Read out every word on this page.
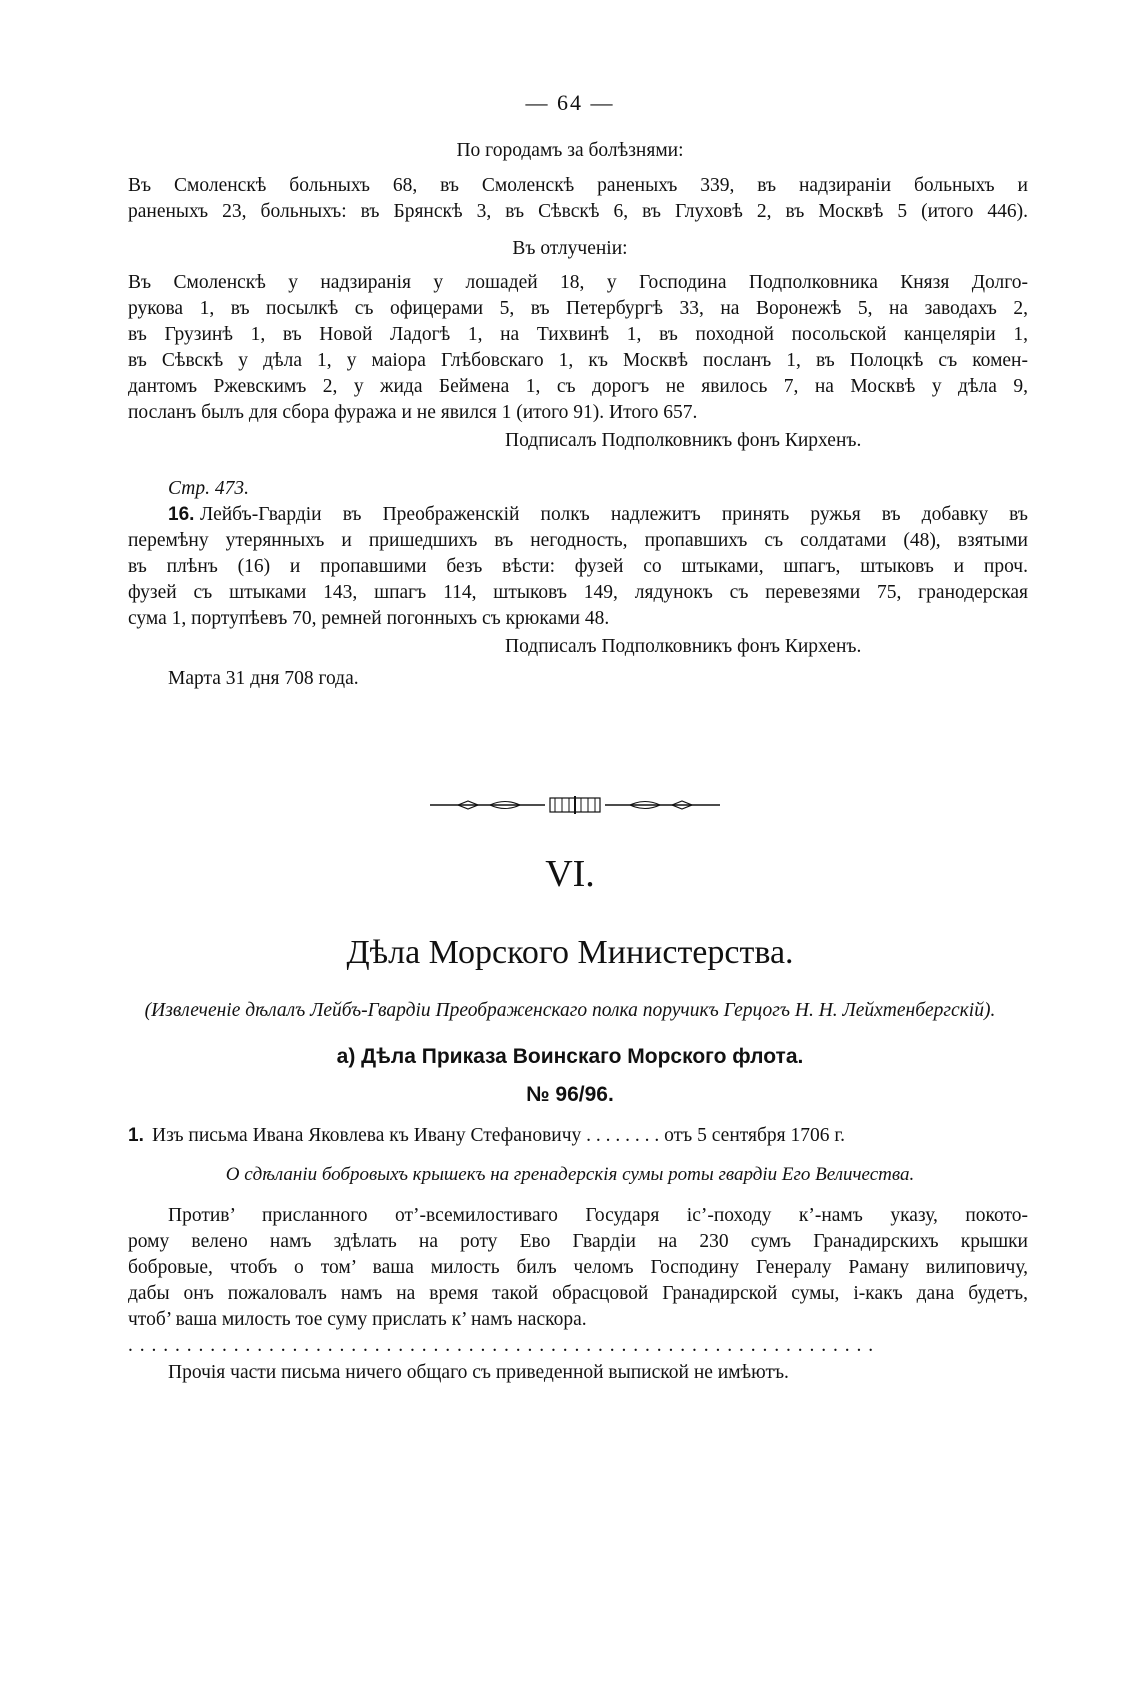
— 64 —
По городамъ за болѣзнями:
Въ Смоленскѣ больныхъ 68, въ Смоленскѣ раненыхъ 339, въ надзираніи больныхъ и
раненыхъ 23, больныхъ: въ Брянскѣ 3, въ Сѣвскѣ 6, въ Глуховѣ 2, въ Москвѣ 5 (итого 446).
Въ отлученіи:
Въ Смоленскѣ у надзиранія у лошадей 18, у Господина Подполковника Князя Долго-
рукова 1, въ посылкѣ съ офицерами 5, въ Петербургѣ 33, на Воронежѣ 5, на заводахъ 2,
въ Грузинѣ 1, въ Новой Ладогѣ 1, на Тихвинѣ 1, въ походной посольской канцеляріи 1,
въ Сѣвскѣ у дѣла 1, у маіора Глѣбовскаго 1, къ Москвѣ посланъ 1, въ Полоцкѣ съ комен-
дантомъ Ржевскимъ 2, у жида Беймена 1, съ дорогъ не явилось 7, на Москвѣ у дѣла 9,
посланъ былъ для сбора фуража и не явился 1 (итого 91). Итого 657.
Подписалъ Подполковникъ фонъ Кирхенъ.
Стр. 473.
16. Лейбъ-Гвардіи въ Преображенскій полкъ надлежитъ принять ружья въ добавку въ
перемѣну утерянныхъ и пришедшихъ въ негодность, пропавшихъ съ солдатами (48), взятыми
въ плѣнъ (16) и пропавшими безъ вѣсти: фузей со штыками, шпагъ, штыковъ и проч.
фузей съ штыками 143, шпагъ 114, штыковъ 149, лядунокъ съ перевезями 75, гранодерская
сума 1, портупѣевъ 70, ремней погонныхъ съ крюками 48.
Подписалъ Подполковникъ фонъ Кирхенъ.
Марта 31 дня 708 года.
VI.
Дѣла Морского Министерства.
(Извлеченіе дѣлалъ Лейбъ-Гвардіи Преображенскаго полка поручикъ Герцогъ Н. Н. Лейхтенбергскій).
а) Дѣла Приказа Воинскаго Морского флота.
№ 96/96.
1. Изъ письма Ивана Яковлева къ Ивану Стефановичу . . . . . . . . отъ 5 сентября 1706 г.
О сдѣланіи бобровыхъ крышекъ на гренадерскія сумы роты гвардіи Его Величества.
Против’ присланного от’-всемилостиваго Государя іс’-походу к’-намъ указу, покото-
рому велено намъ здѣлать на роту Ево Гвардіи на 230 сумъ Гранадирскихъ крышки
бобровые, чтобъ о том’ ваша милость билъ челомъ Господину Генералу Раману вилиповичу,
дабы онъ пожаловалъ намъ на время такой обрасцовой Гранадирской сумы, і-какъ дана будетъ,
чтоб’ ваша милость тое суму прислать к’ намъ наскора.
. . . . . . . . . . . . . . . . . . . . . . . . . . . . . . . . . . . . . . . . . . . . . . . . . . . . . . . . . . . . . . . .
Прочія части письма ничего общаго съ приведенной выпиской не имѣютъ.
